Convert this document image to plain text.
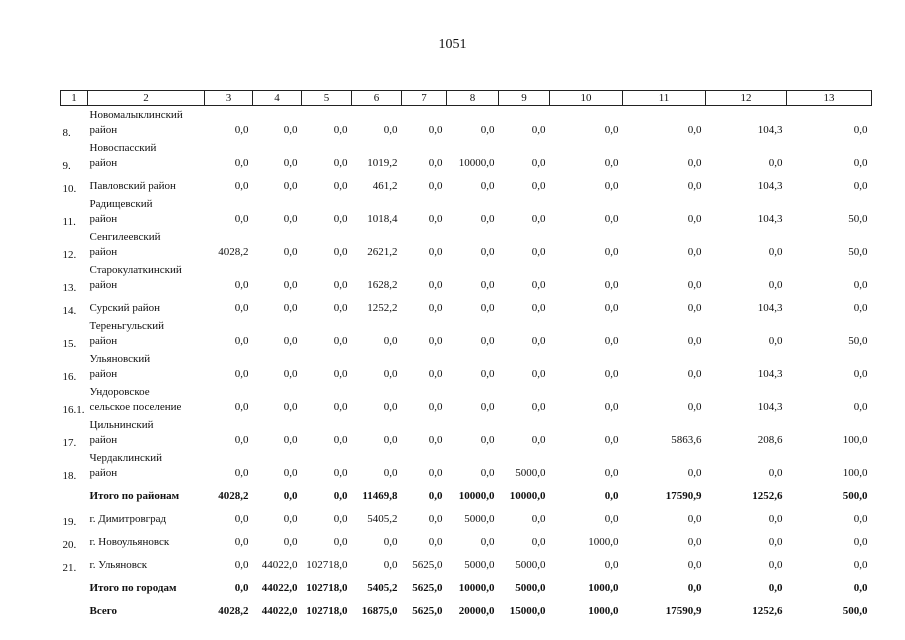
1051
1	2	3	4	5	6	7	8	9	10	11	12	13
8.	Новомалыклинский
район	0,0	0,0	0,0	0,0	0,0	0,0	0,0	0,0	0,0	104,3	0,0
9.	Новоспасский
район	0,0	0,0	0,0	1019,2	0,0	10000,0	0,0	0,0	0,0	0,0	0,0
10.	Павловский район	0,0	0,0	0,0	461,2	0,0	0,0	0,0	0,0	0,0	104,3	0,0
11.	Радищевский
район	0,0	0,0	0,0	1018,4	0,0	0,0	0,0	0,0	0,0	104,3	50,0
12.	Сенгилеевский
район	4028,2	0,0	0,0	2621,2	0,0	0,0	0,0	0,0	0,0	0,0	50,0
13.	Старокулаткинский
район	0,0	0,0	0,0	1628,2	0,0	0,0	0,0	0,0	0,0	0,0	0,0
14.	Сурский район	0,0	0,0	0,0	1252,2	0,0	0,0	0,0	0,0	0,0	104,3	0,0
15.	Тереньгульский
район	0,0	0,0	0,0	0,0	0,0	0,0	0,0	0,0	0,0	0,0	50,0
16.	Ульяновский
район	0,0	0,0	0,0	0,0	0,0	0,0	0,0	0,0	0,0	104,3	0,0
16.1.	Ундоровское
сельское поселение	0,0	0,0	0,0	0,0	0,0	0,0	0,0	0,0	0,0	104,3	0,0
17.	Цильнинский
район	0,0	0,0	0,0	0,0	0,0	0,0	0,0	0,0	5863,6	208,6	100,0
18.	Чердаклинский
район	0,0	0,0	0,0	0,0	0,0	0,0	5000,0	0,0	0,0	0,0	100,0

	Итого по районам	4028,2	0,0	0,0	11469,8	0,0	10000,0	10000,0	0,0	17590,9	1252,6	500,0
19.	г. Димитровград	0,0	0,0	0,0	5405,2	0,0	5000,0	0,0	0,0	0,0	0,0	0,0
20.	г. Новоульяновск	0,0	0,0	0,0	0,0	0,0	0,0	0,0	1000,0	0,0	0,0	0,0
21.	г. Ульяновск	0,0	44022,0	102718,0	0,0	5625,0	5000,0	5000,0	0,0	0,0	0,0	0,0

	Итого по городам	0,0	44022,0	102718,0	5405,2	5625,0	10000,0	5000,0	1000,0	0,0	0,0	0,0

	Всего	4028,2	44022,0	102718,0	16875,0	5625,0	20000,0	15000,0	1000,0	17590,9	1252,6	500,0
